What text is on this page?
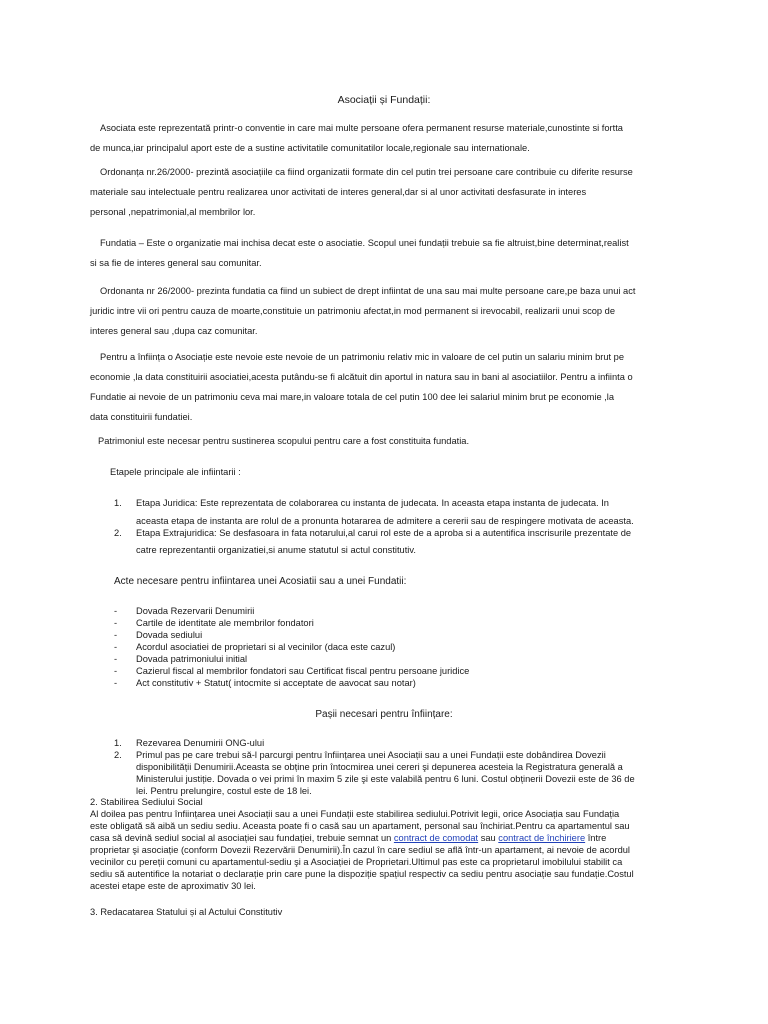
Asociații și Fundații:
Asociata este reprezentată printr-o conventie in care mai multe persoane ofera permanent resurse materiale,cunostinte si fortta
de munca,iar principalul aport este de a sustine activitatile comunitatilor locale,regionale sau internationale.
Ordonanța nr.26/2000- prezintă asociațiile ca fiind organizatii formate din cel putin trei persoane care contribuie cu diferite resurse
materiale sau intelectuale pentru realizarea unor activitati de interes general,dar si al unor activitati desfasurate in interes
personal ,nepatrimonial,al membrilor lor.
Fundatia – Este o organizatie mai inchisa decat este o asociatie. Scopul unei fundații trebuie sa fie altruist,bine determinat,realist
si sa fie de interes general sau comunitar.
Ordonanta nr 26/2000- prezinta fundatia ca fiind un subiect de drept infiintat de una sau mai multe persoane care,pe baza unui act
juridic intre vii ori pentru cauza de moarte,constituie un patrimoniu afectat,in mod permanent si irevocabil, realizarii unui scop de
interes general sau ,dupa caz comunitar.
Pentru a înființa o Asociație este nevoie este nevoie de un patrimoniu relativ mic in valoare de cel putin un salariu minim brut pe
economie ,la data constituirii asociatiei,acesta putându-se fi alcătuit din aportul in natura sau in bani al asociatiilor. Pentru a infiinta o
Fundatie ai nevoie de un patrimoniu ceva mai mare,in valoare totala de cel putin 100 dee lei salariul minim brut pe economie ,la
data constituirii fundatiei.
Patrimoniul este necesar pentru sustinerea scopului pentru care a fost constituita fundatia.
Etapele principale ale infiintarii :
1. Etapa Juridica: Este reprezentata de colaborarea cu instanta de judecata. In aceasta etapa instanta de judecata. In
aceasta etapa de instanta are rolul de a pronunta hotararea de admitere a cererii sau de respingere motivata de aceasta.
2. Etapa Extrajuridica: Se desfasoara in fata notarului,al carui rol este de a aproba si a autentifica inscrisurile prezentate de
catre reprezentantii organizatiei,si anume statutul si actul constitutiv.
Acte necesare pentru infiintarea unei Acosiatii sau a unei Fundatii:
- Dovada Rezervarii Denumirii
- Cartile de identitate ale membrilor fondatori
- Dovada sediului
- Acordul asociatiei de proprietari si al vecinilor (daca este cazul)
- Dovada patrimoniului initial
- Cazierul fiscal al membrilor fondatori sau Certificat fiscal pentru persoane juridice
- Act constitutiv + Statut( intocmite si acceptate de aavocat sau notar)
Pașii necesari pentru înființare:
1. Rezevarea Denumirii ONG-ului
2. Primul pas pe care trebui să-l parcurgi pentru înființarea unei Asociații sau a unei Fundații este dobândirea Dovezii
disponibilității Denumirii.Aceasta se obține prin întocmirea unei cereri şi depunerea acesteia la Registratura generală a
Ministerului justiție. Dovada o vei primi în maxim 5 zile şi este valabilă pentru 6 luni. Costul obținerii Dovezii este de 36 de
lei. Pentru prelungire, costul este de 18 lei.
2. Stabilirea Sediului Social
Al doilea pas pentru înființarea unei Asociații sau a unei Fundații este stabilirea sediului.Potrivit legii, orice Asociația sau Fundația
este obligată să aibă un sediu sediu. Aceasta poate fi o casă sau un apartament, personal sau închiriat.Pentru ca apartamentul sau
casa să devină sediul social al asociației sau fundației, trebuie semnat un contract de comodat sau contract de închiriere între
proprietar şi asociație (conform Dovezii Rezervării Denumirii).În cazul în care sediul se află într-un apartament, ai nevoie de acordul
vecinilor cu pereții comuni cu apartamentul-sediu şi a Asociației de Proprietari.Ultimul pas este ca proprietarul imobilului stabilit ca
sediu să autentifice la notariat o declarație prin care pune la dispoziție spațiul respectiv ca sediu pentru asociație sau fundație.Costul
acestei etape este de aproximativ 30 lei.
3. Redacatarea Statului și al Actului Constitutiv
